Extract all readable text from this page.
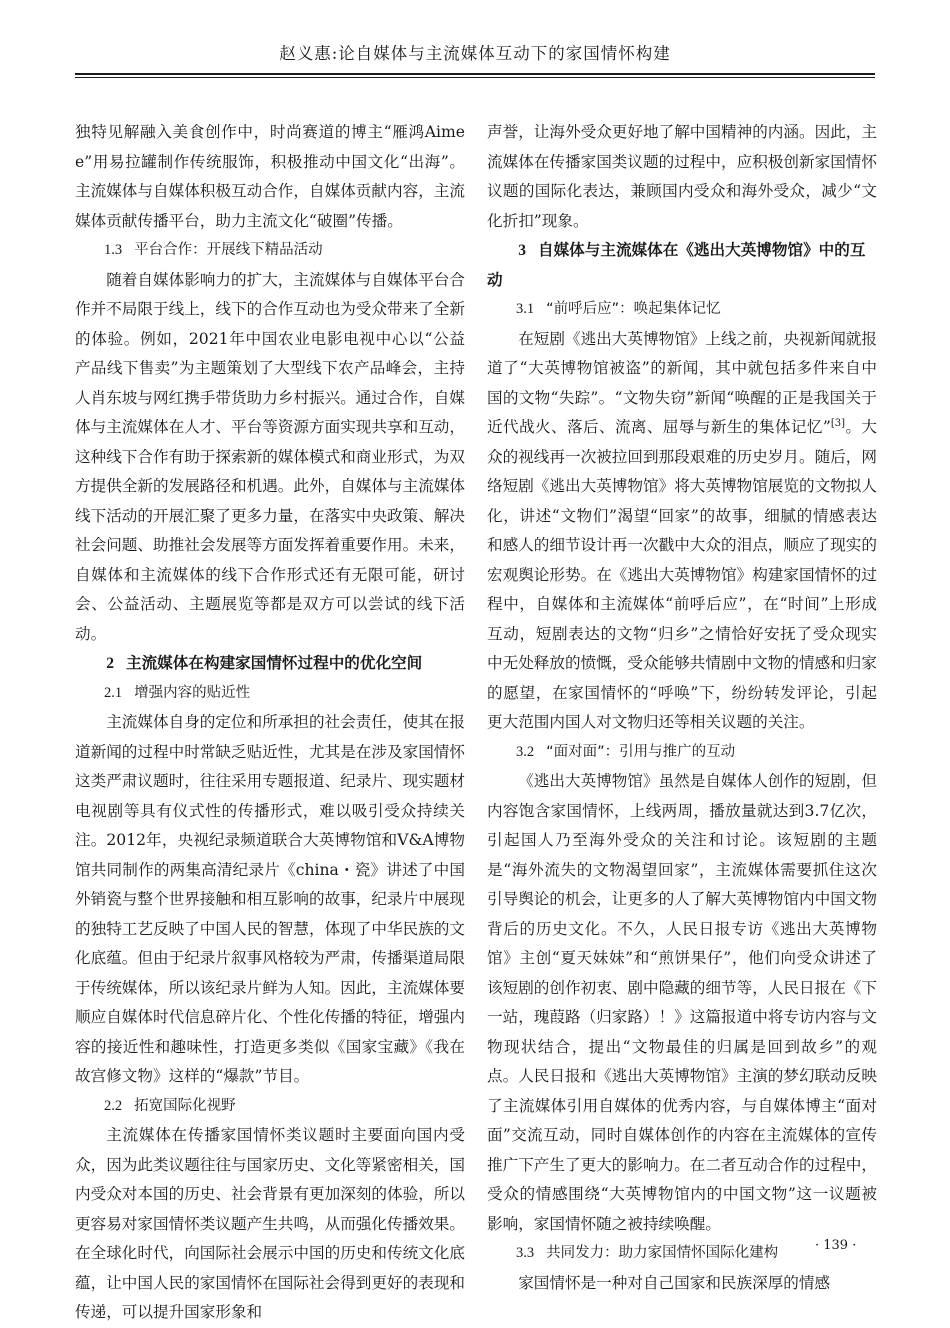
赵义惠:论自媒体与主流媒体互动下的家国情怀构建

独特见解融入美食创作中，时尚赛道的博主“雁鸿Aimee”用易拉罐制作传统服饰，积极推动中国文化“出海”。主流媒体与自媒体积极互动合作，自媒体贡献内容，主流媒体贡献传播平台，助力主流文化“破圈”传播。

1.3 平台合作：开展线下精品活动

随着自媒体影响力的扩大，主流媒体与自媒体平台合作并不局限于线上，线下的合作互动也为受众带来了全新的体验。例如，2021年中国农业电影电视中心以“公益产品线下售卖”为主题策划了大型线下农产品峰会，主持人肖东坡与网红携手带货助力乡村振兴。通过合作，自媒体与主流媒体在人才、平台等资源方面实现共享和互动，这种线下合作有助于探索新的媒体模式和商业形式，为双方提供全新的发展路径和机遇。此外，自媒体与主流媒体线下活动的开展汇聚了更多力量，在落实中央政策、解决社会问题、助推社会发展等方面发挥着重要作用。未来，自媒体和主流媒体的线下合作形式还有无限可能，研讨会、公益活动、主题展览等都是双方可以尝试的线下活动。

2 主流媒体在构建家国情怀过程中的优化空间
2.1 增强内容的贴近性

主流媒体自身的定位和所承担的社会责任，使其在报道新闻的过程中时常缺乏贴近性，尤其是在涉及家国情怀这类严肃议题时，往往采用专题报道、纪录片、现实题材电视剧等具有仪式性的传播形式，难以吸引受众持续关注。2012年，央视纪录频道联合大英博物馆和V&A博物馆共同制作的两集高清纪录片《china・瓷》讲述了中国外销瓷与整个世界接触和相互影响的故事，纪录片中展现的独特工艺反映了中国人民的智慧，体现了中华民族的文化底蕴。但由于纪录片叙事风格较为严肃，传播渠道局限于传统媒体，所以该纪录片鲜为人知。因此，主流媒体要顺应自媒体时代信息碎片化、个性化传播的特征，增强内容的接近性和趣味性，打造更多类似《国家宝藏》《我在故宫修文物》这样的“爆款”节目。

2.2 拓宽国际化视野

主流媒体在传播家国情怀类议题时主要面向国内受众，因为此类议题往往与国家历史、文化等紧密相关，国内受众对本国的历史、社会背景有更加深刻的体验，所以更容易对家国情怀类议题产生共鸣，从而强化传播效果。在全球化时代，向国际社会展示中国的历史和传统文化底蕴，让中国人民的家国情怀在国际社会得到更好的表现和传递，可以提升国家形象和

声誉，让海外受众更好地了解中国精神的内涵。因此，主流媒体在传播家国类议题的过程中，应积极创新家国情怀议题的国际化表达，兼顾国内受众和海外受众，减少“文化折扣”现象。

3 自媒体与主流媒体在《逃出大英博物馆》中的互动
3.1 “前呼后应”：唤起集体记忆

在短剧《逃出大英博物馆》上线之前，央视新闻就报道了“大英博物馆被盗”的新闻，其中就包括多件来自中国的文物“失踪”。“文物失窃”新闻“唤醒的正是我国关于近代战火、落后、流离、屈辱与新生的集体记忆”[3]。大众的视线再一次被拉回到那段艰难的历史岁月。随后，网络短剧《逃出大英博物馆》将大英博物馆展览的文物拟人化，讲述“文物们”渴望“回家”的故事，细腻的情感表达和感人的细节设计再一次戳中大众的泪点，顺应了现实的宏观舆论形势。在《逃出大英博物馆》构建家国情怀的过程中，自媒体和主流媒体“前呼后应”，在“时间”上形成互动，短剧表达的文物“归乡”之情恰好安抚了受众现实中无处释放的愤慨，受众能够共情剧中文物的情感和归家的愿望，在家国情怀的“呼唤”下，纷纷转发评论，引起更大范围内国人对文物归还等相关议题的关注。

3.2 “面对面”：引用与推广的互动

《逃出大英博物馆》虽然是自媒体人创作的短剧，但内容饱含家国情怀，上线两周，播放量就达到3.7亿次，引起国人乃至海外受众的关注和讨论。该短剧的主题是“海外流失的文物渴望回家”，主流媒体需要抓住这次引导舆论的机会，让更多的人了解大英博物馆内中国文物背后的历史文化。不久，人民日报专访《逃出大英博物馆》主创“夏天妹妹”和“煎饼果仔”，他们向受众讲述了该短剧的创作初衷、剧中隐藏的细节等，人民日报在《下一站，瑰葭路（归家路）！》这篇报道中将专访内容与文物现状结合，提出“文物最佳的归属是回到故乡”的观点。人民日报和《逃出大英博物馆》主演的梦幻联动反映了主流媒体引用自媒体的优秀内容，与自媒体博主“面对面”交流互动，同时自媒体创作的内容在主流媒体的宣传推广下产生了更大的影响力。在二者互动合作的过程中，受众的情感围绕“大英博物馆内的中国文物”这一议题被影响，家国情怀随之被持续唤醒。

3.3 共同发力：助力家国情怀国际化建构

家国情怀是一种对自己国家和民族深厚的情感

· 139 ·
